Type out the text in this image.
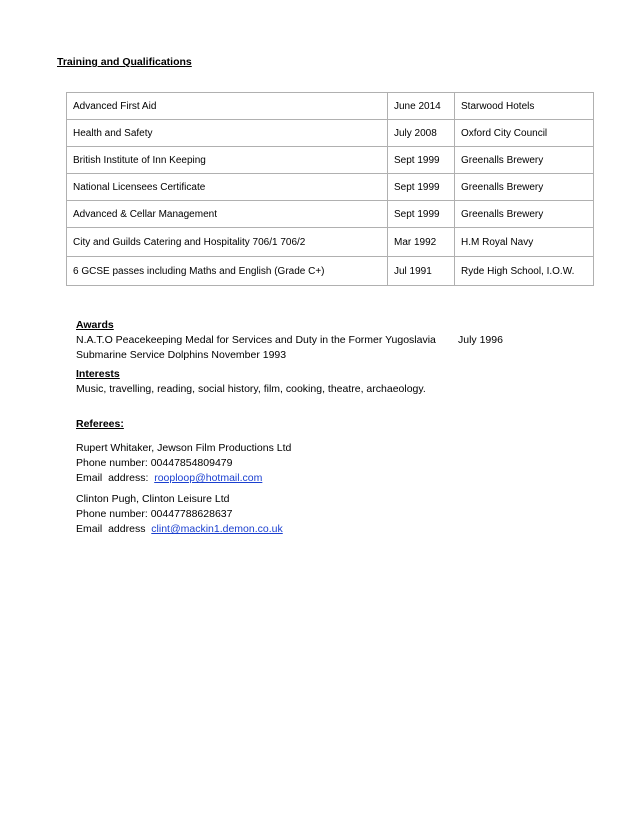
Training and Qualifications
Advanced First Aid	June 2014	Starwood Hotels
Health and Safety	July 2008	Oxford City Council
British Institute of Inn Keeping	Sept 1999	Greenalls Brewery
National Licensees Certificate	Sept 1999	Greenalls Brewery
Advanced & Cellar Management	Sept 1999	Greenalls Brewery
City and Guilds Catering and Hospitality 706/1 706/2	Mar 1992	H.M Royal Navy
6 GCSE passes including Maths and English (Grade C+)	Jul 1991	Ryde High School, I.O.W.
Awards
N.A.T.O Peacekeeping Medal for Services and Duty in the Former Yugoslavia	July 1996
Submarine Service Dolphins November 1993
Interests
Music, travelling, reading, social history, film, cooking, theatre, archaeology.
Referees:
Rupert Whitaker, Jewson Film Productions Ltd
Phone number: 00447854809479
Email  address:  rooploop@hotmail.com
Clinton Pugh, Clinton Leisure Ltd
Phone number: 00447788628637
Email  address  clint@mackin1.demon.co.uk
